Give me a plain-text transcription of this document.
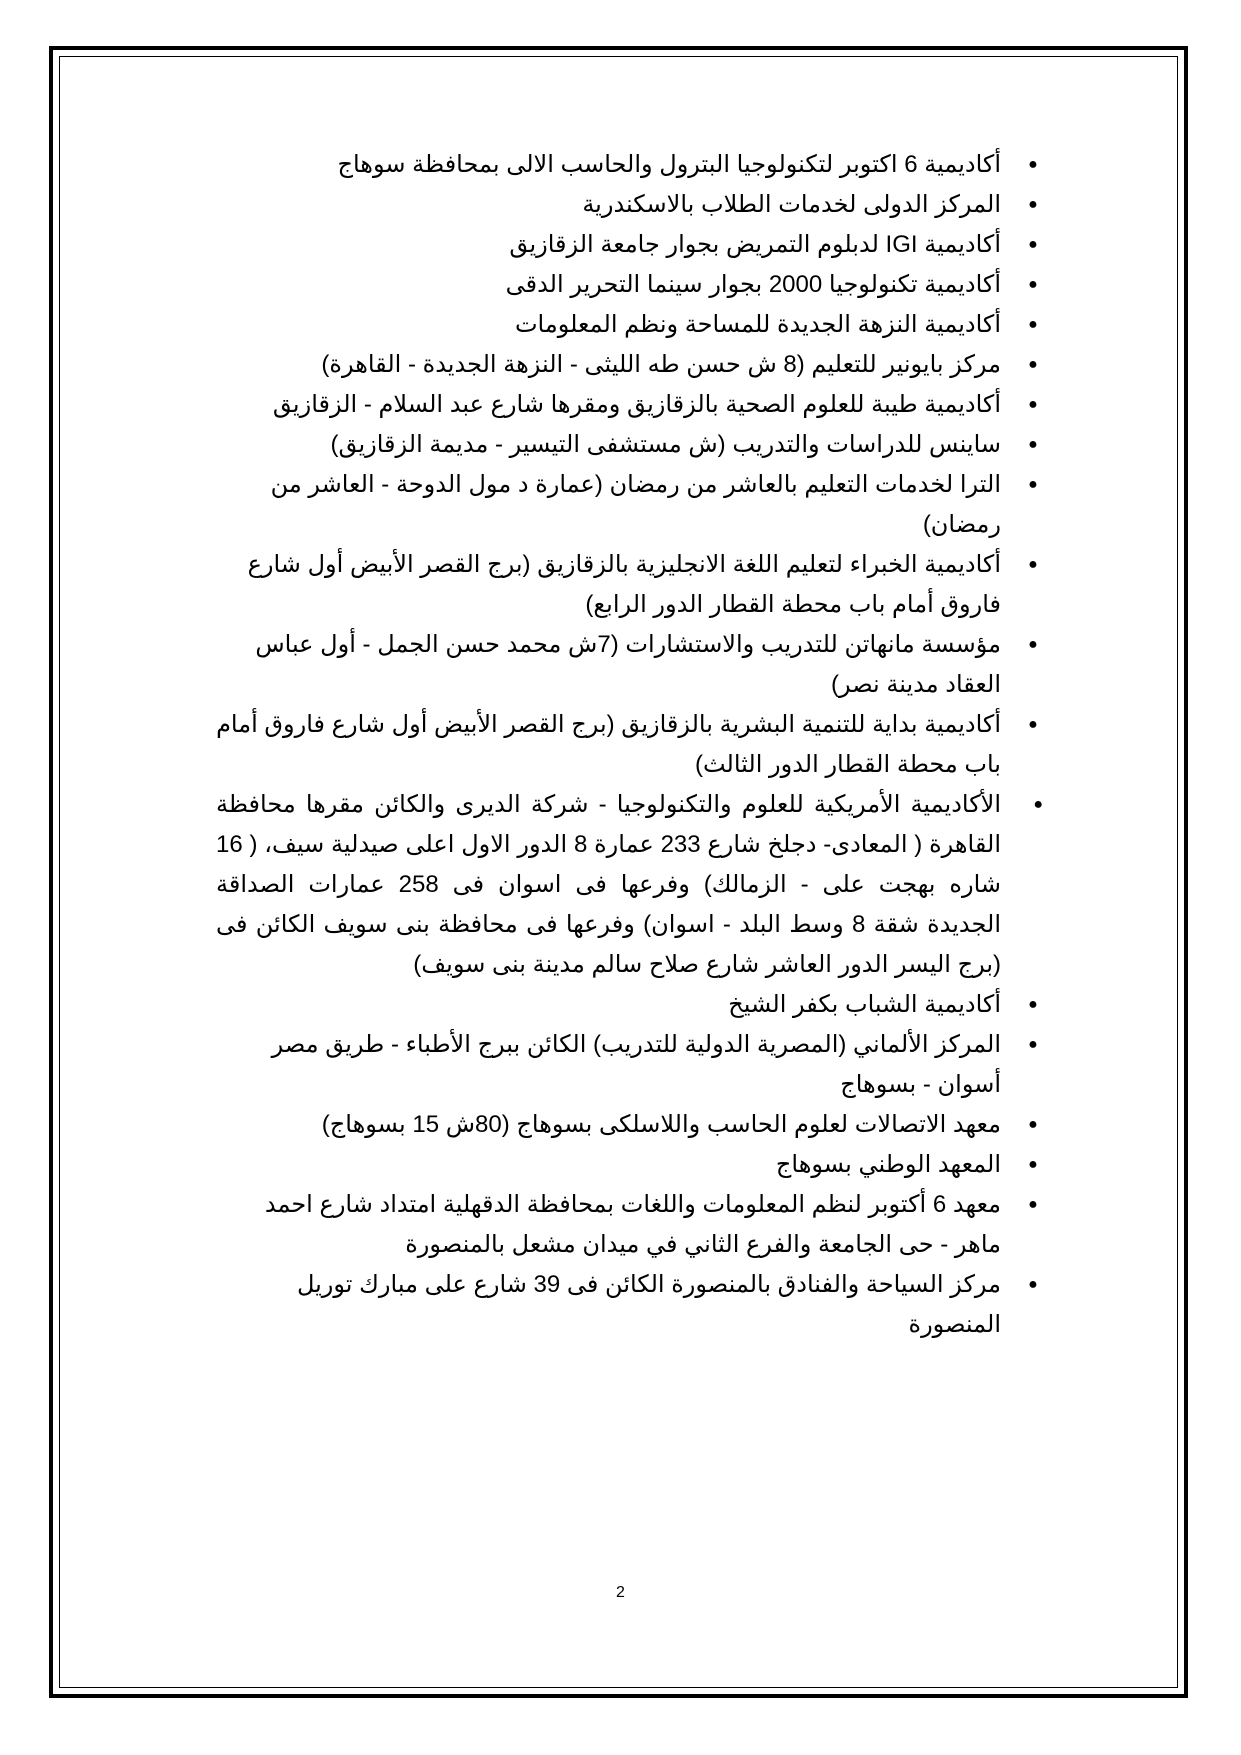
●
أكاديمية 6 اكتوبر لتكنولوجيا البترول والحاسب الالى بمحافظة سوهاج
●
المركز الدولى لخدمات الطلاب بالاسكندرية
●
أكاديمية IGI لدبلوم التمريض بجوار جامعة الزقازيق
●
أكاديمية تكنولوجيا 2000 بجوار سينما التحرير الدقى
●
أكاديمية النزهة الجديدة للمساحة ونظم المعلومات
●
مركز بايونير للتعليم (8 ش حسن طه الليثى - النزهة الجديدة - القاهرة)
●
أكاديمية طيبة للعلوم الصحية بالزقازيق ومقرها شارع عبد السلام - الزقازيق
●
ساينس للدراسات والتدريب (ش مستشفى التيسير - مديمة الزقازيق)
●
الترا لخدمات التعليم بالعاشر من رمضان (عمارة د مول الدوحة - العاشر من رمضان)
●
أكاديمية الخبراء لتعليم اللغة الانجليزية بالزقازيق (برج القصر الأبيض أول شارع فاروق أمام باب محطة القطار الدور الرابع)
●
مؤسسة مانهاتن للتدريب والاستشارات (7ش محمد حسن الجمل - أول عباس العقاد مدينة نصر)
●
أكاديمية بداية للتنمية البشرية بالزقازيق (برج القصر الأبيض أول شارع فاروق أمام باب محطة القطار الدور الثالث)
●
الأكاديمية الأمريكية للعلوم والتكنولوجيا - شركة الديرى والكائن مقرها محافظة القاهرة ( المعادى- دجلخ شارع 233 عمارة 8 الدور الاول اعلى صيدلية سيف، ( 16 شاره بهجت على - الزمالك) وفرعها فى اسوان فى 258 عمارات الصداقة الجديدة شقة 8 وسط البلد - اسوان) وفرعها فى محافظة بنى سويف الكائن فى (برج اليسر الدور العاشر شارع صلاح سالم مدينة بنى سويف)
●
أكاديمية الشباب بكفر الشيخ
●
المركز الألماني (المصرية الدولية للتدريب) الكائن ببرج الأطباء - طريق مصر أسوان - بسوهاج
●
معهد الاتصالات لعلوم الحاسب واللاسلكى بسوهاج (80ش 15 بسوهاج)
●
المعهد الوطني بسوهاج
●
معهد 6 أكتوبر لنظم المعلومات واللغات بمحافظة الدقهلية امتداد شارع احمد ماهر - حى الجامعة والفرع الثاني في ميدان مشعل بالمنصورة
●
مركز السياحة والفنادق بالمنصورة الكائن فى 39 شارع على مبارك توريل المنصورة
2
